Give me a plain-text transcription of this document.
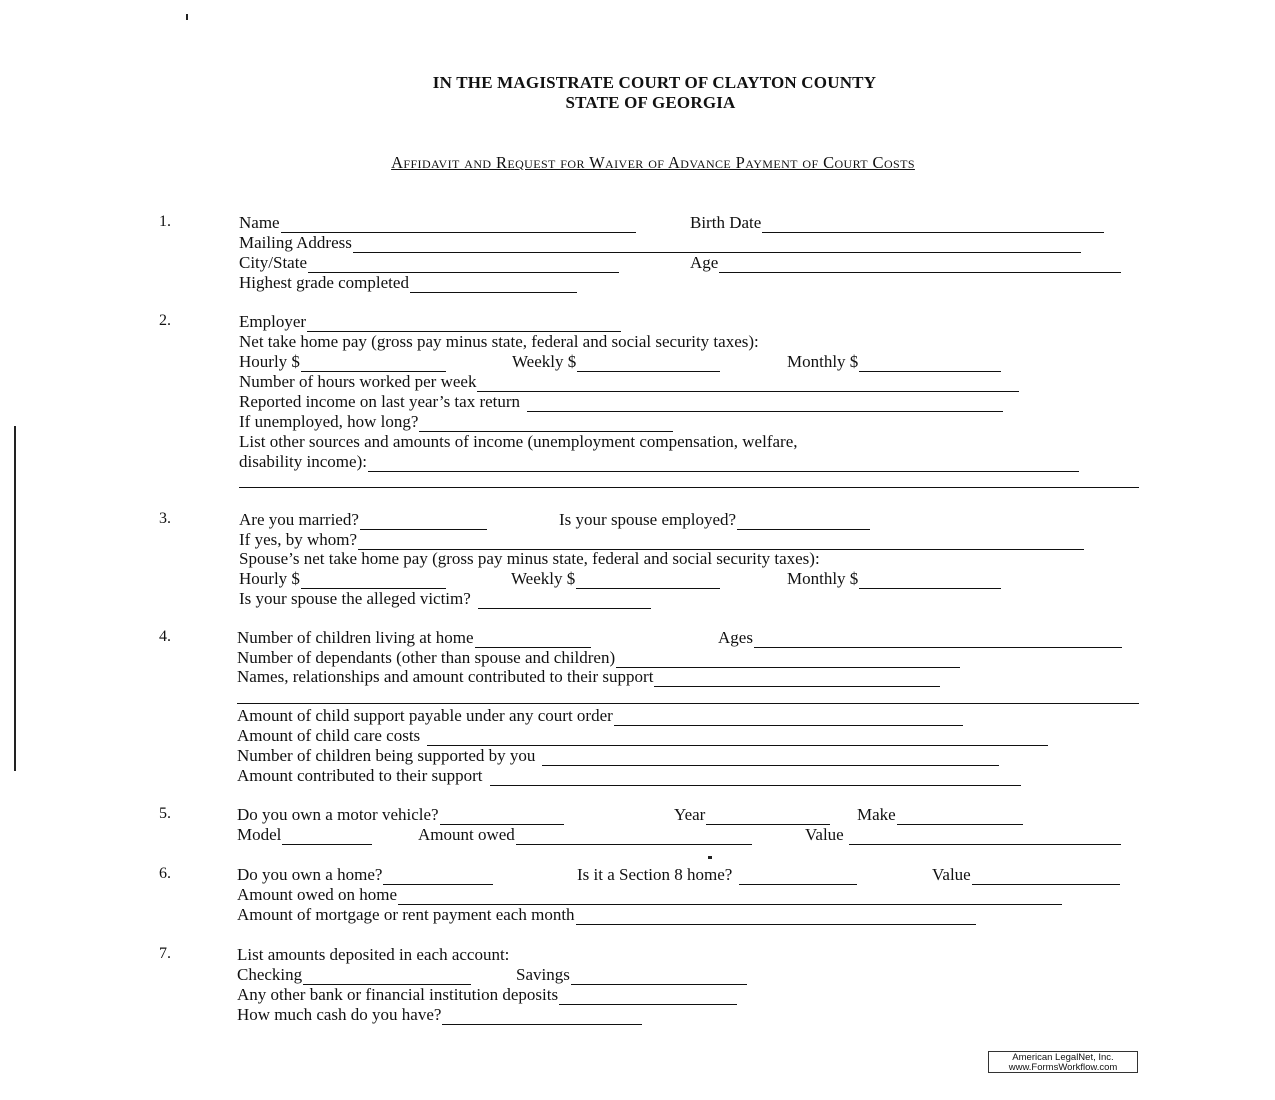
IN THE MAGISTRATE COURT OF CLAYTON COUNTY
STATE OF GEORGIA
Affidavit and Request for Waiver of Advance Payment of Court Costs
1.	Name	Birth Date
Mailing Address
City/State	Age
Highest grade completed
2.	Employer
Net take home pay (gross pay minus state, federal and social security taxes):
Hourly $	Weekly $	Monthly $
Number of hours worked per week
Reported income on last year’s tax return
If unemployed, how long?
List other sources and amounts of income (unemployment compensation, welfare,
disability income):
3.	Are you married?	Is your spouse employed?
If yes, by whom?
Spouse’s net take home pay (gross pay minus state, federal and social security taxes):
Hourly $	Weekly $	Monthly $
Is your spouse the alleged victim?
4.	Number of children living at home	Ages
Number of dependants (other than spouse and children)
Names, relationships and amount contributed to their support
Amount of child support payable under any court order
Amount of child care costs
Number of children being supported by you
Amount contributed to their support
5.	Do you own a motor vehicle?	Year	Make
Model	Amount owed	Value
6.	Do you own a home?	Is it a Section 8 home?	Value
Amount owed on home
Amount of mortgage or rent payment each month
7.	List amounts deposited in each account:
Checking	Savings
Any other bank or financial institution deposits
How much cash do you have?
American LegalNet, Inc.
www.FormsWorkflow.com
